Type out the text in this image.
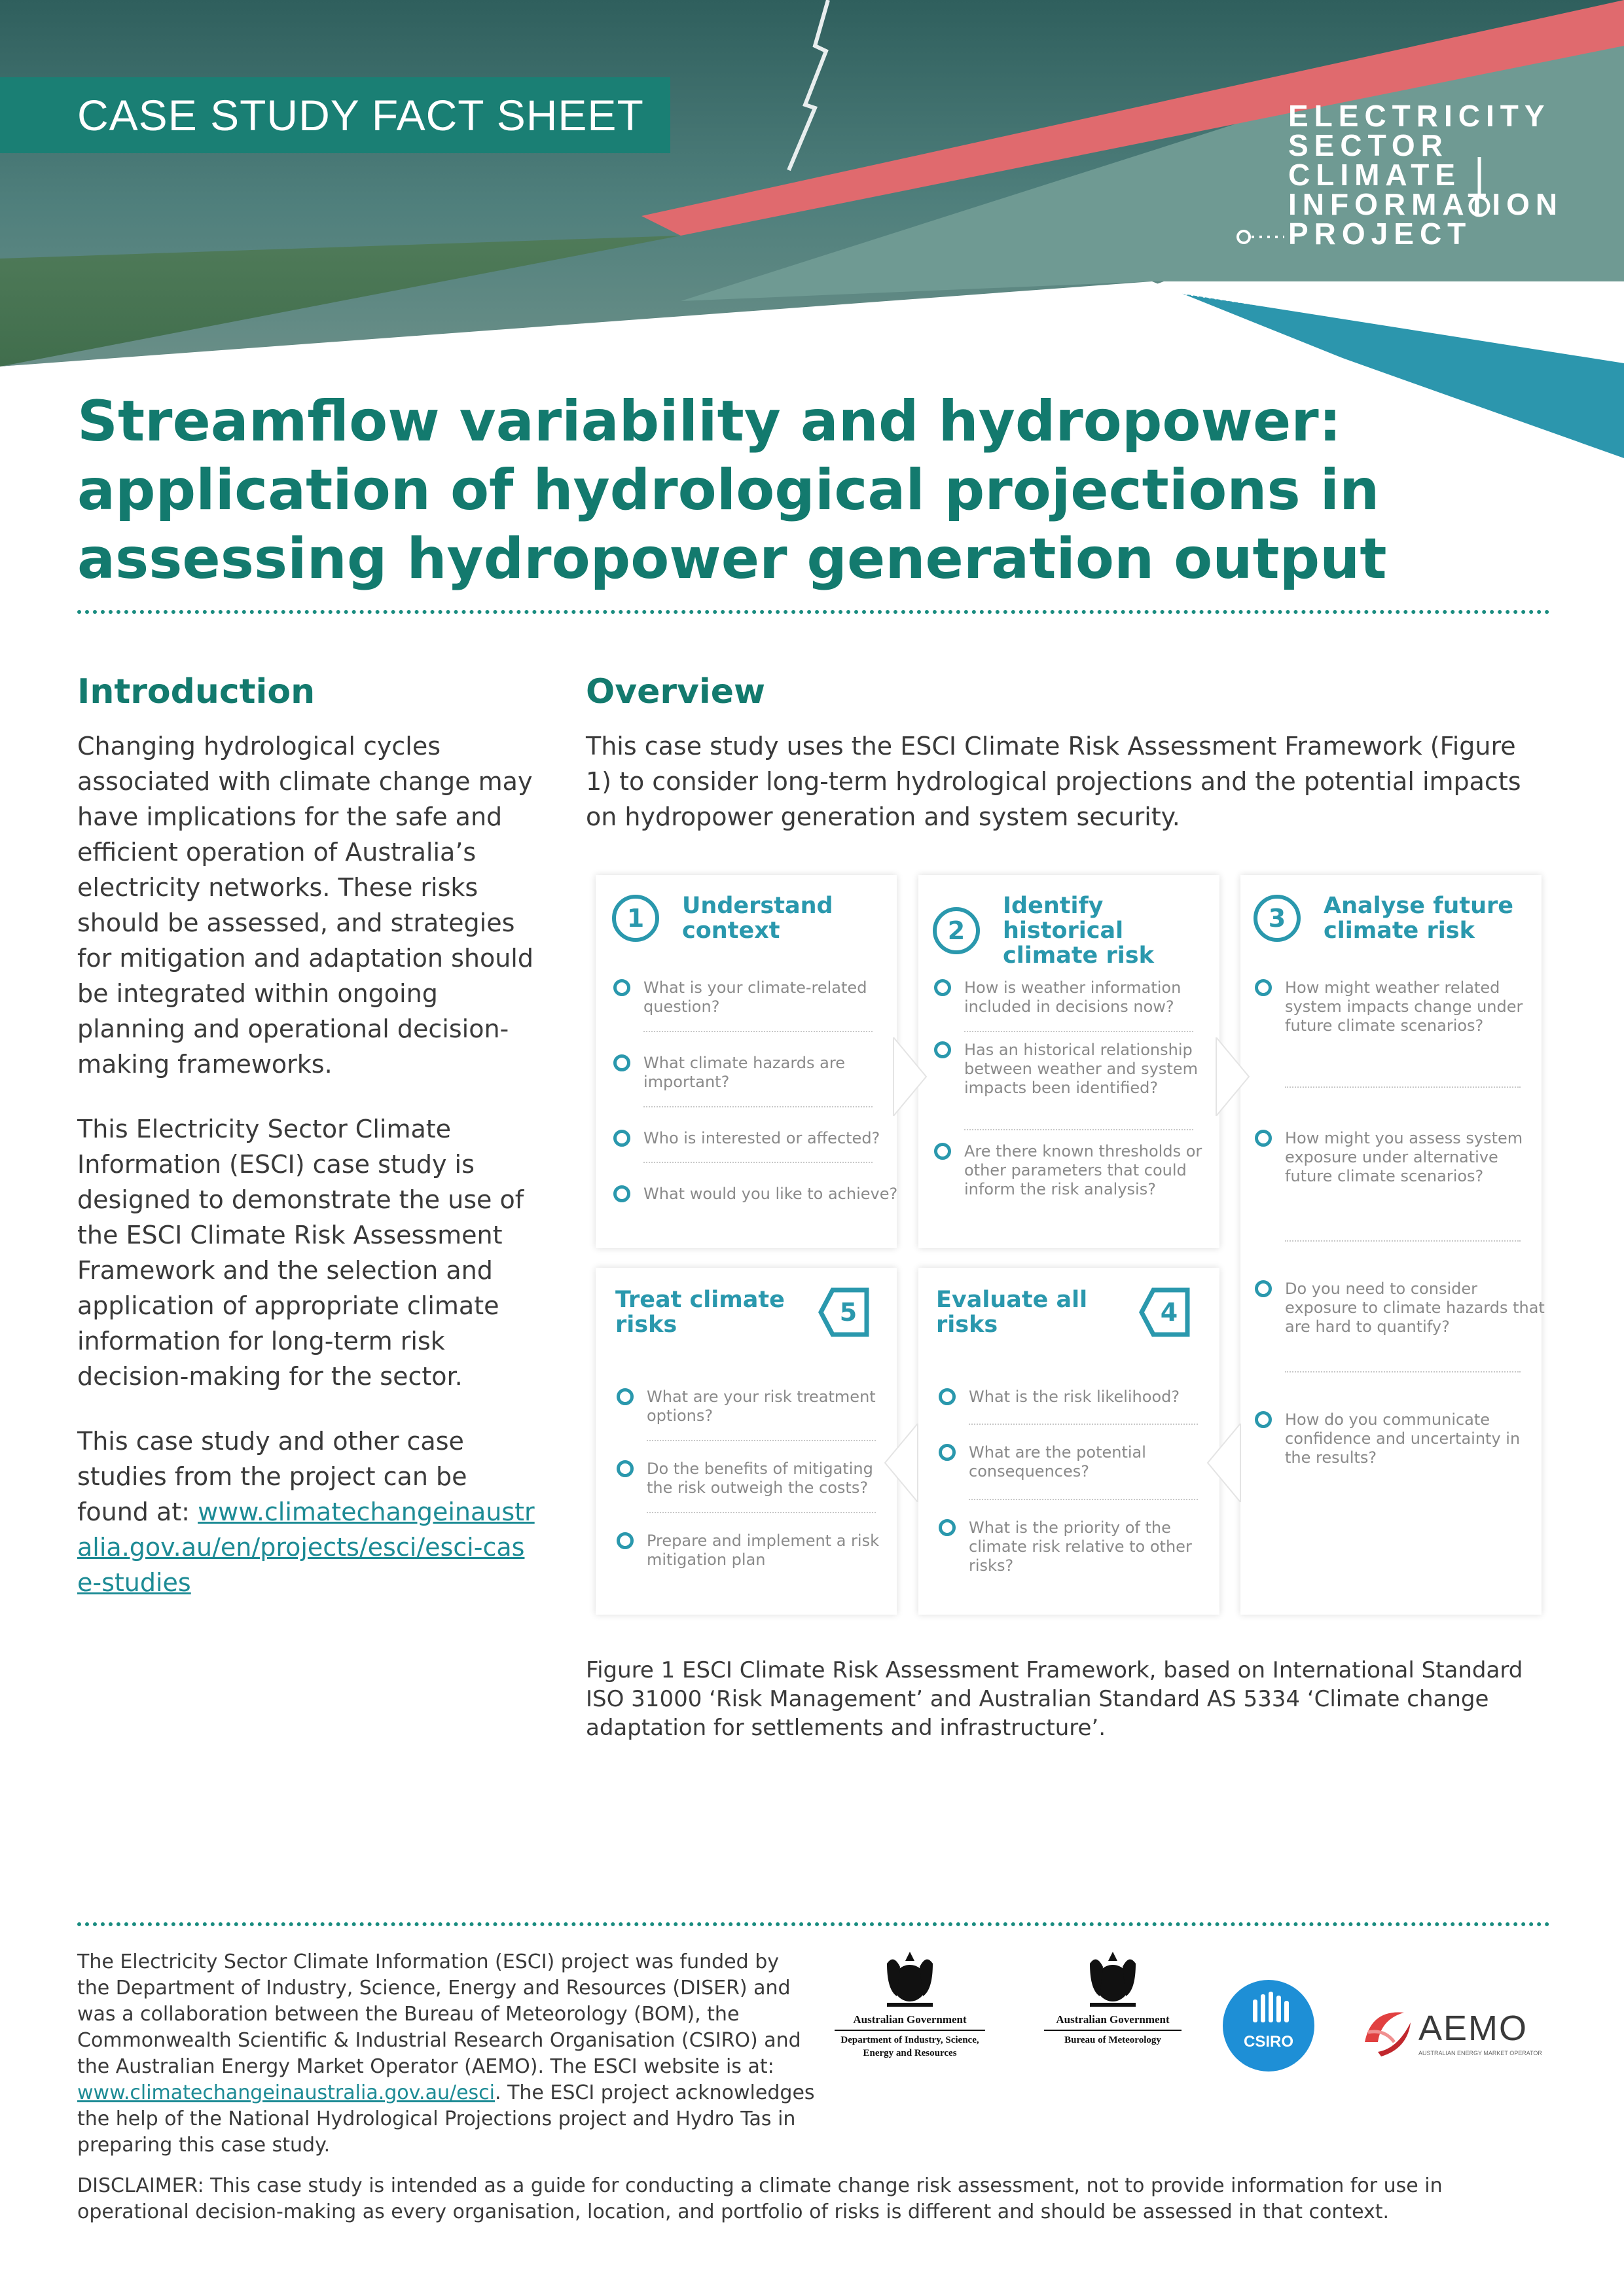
CASE STUDY FACT SHEET	ELECTRICITY
SECTOR
CLIMATE
INFORMATION
PROJECT
Streamflow variability and hydropower:
application of hydrological projections in
assessing hydropower generation output
Introduction

Changing hydrological cycles associated with climate change may have implications for the safe and efficient operation of Australia’s electricity networks. These risks should be assessed, and strategies for mitigation and adaptation should be integrated within ongoing planning and operational decision-making frameworks.

This Electricity Sector Climate Information (ESCI) case study is designed to demonstrate the use of the ESCI Climate Risk Assessment Framework and the selection and application of appropriate climate information for long-term risk decision-making for the sector.

This case study and other case studies from the project can be found at: www.climatechangeinaustralia.gov.au/en/projects/esci/esci-case-studies

Overview
This case study uses the ESCI Climate Risk Assessment Framework (Figure 1) to consider long-term hydrological projections and the potential impacts on hydropower generation and system security.
1	Understand context
What is your climate-related question?
What climate hazards are important?
Who is interested or affected?
What would you like to achieve?
2
Identify historical climate risk
How is weather information included in decisions now?
Has an historical relationship between weather and system impacts been identified?
Are there known thresholds or other parameters that could inform the risk analysis?
3	Analyse future climate risk
How might weather related system impacts change under future climate scenarios?
How might you assess system exposure under alternative future climate scenarios?
Do you need to consider exposure to climate hazards that are hard to quantify?
How do you communicate confidence and uncertainty in the results?
Treat climate risks	5
What are your risk treatment options?
Do the benefits of mitigating the risk outweigh the costs?
Prepare and implement a risk mitigation plan
Evaluate all risks	4
What is the risk likelihood?
What are the potential consequences?
What is the priority of the climate risk relative to other risks?
Figure 1 ESCI Climate Risk Assessment Framework, based on International Standard ISO 31000 ‘Risk Management’ and Australian Standard AS 5334 ‘Climate change adaptation for settlements and infrastructure’.
The Electricity Sector Climate Information (ESCI) project was funded by the Department of Industry, Science, Energy and Resources (DISER) and was a collaboration between the Bureau of Meteorology (BOM), the Commonwealth Scientific & Industrial Research Organisation (CSIRO) and the Australian Energy Market Operator (AEMO). The ESCI website is at: www.climatechangeinaustralia.gov.au/esci. The ESCI project acknowledges the help of the National Hydrological Projections project and Hydro Tas in preparing this case study.
Australian Government
Department of Industry, Science, Energy and Resources
Australian Government
Bureau of Meteorology	CSIRO	AEMO
AUSTRALIAN ENERGY MARKET OPERATOR
DISCLAIMER: This case study is intended as a guide for conducting a climate change risk assessment, not to provide information for use in operational decision-making as every organisation, location, and portfolio of risks is different and should be assessed in that context.
